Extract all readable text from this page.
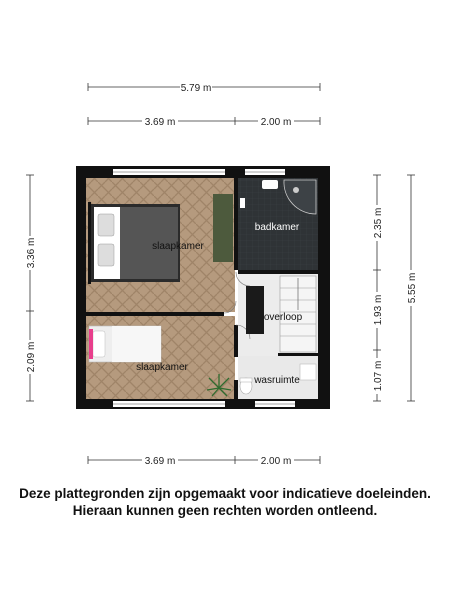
5.79 m
3.69 m	2.00 m
3.69 m	2.00 m
3.36 m
2.09 m
2.35 m
1.93 m
1.07 m
5.55 m
slaapkamer
slaapkamer
badkamer
overloop
wasruimte
Deze plattegronden zijn opgemaakt voor indicatieve doeleinden.
Hieraan kunnen geen rechten worden ontleend.
